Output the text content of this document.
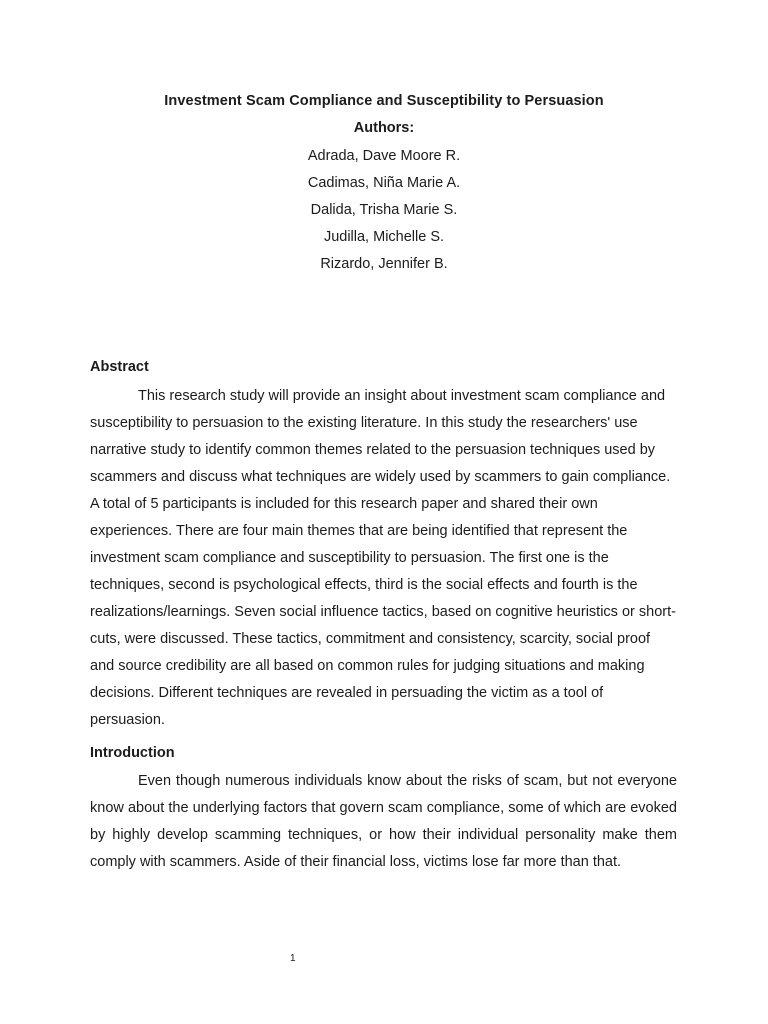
Investment Scam Compliance and Susceptibility to Persuasion
Authors:
Adrada, Dave Moore R.
Cadimas, Niña Marie A.
Dalida, Trisha Marie S.
Judilla, Michelle S.
Rizardo, Jennifer B.
Abstract

This research study will provide an insight about investment scam compliance and susceptibility to persuasion to the existing literature. In this study the researchers' use narrative study to identify common themes related to the persuasion techniques used by scammers and discuss what techniques are widely used by scammers to gain compliance. A total of 5 participants is included for this research paper and shared their own experiences. There are four main themes that are being identified that represent the investment scam compliance and susceptibility to persuasion. The first one is the techniques, second is psychological effects, third is the social effects and fourth is the realizations/learnings. Seven social influence tactics, based on cognitive heuristics or short-cuts, were discussed. These tactics, commitment and consistency, scarcity, social proof and source credibility are all based on common rules for judging situations and making decisions. Different techniques are revealed in persuading the victim as a tool of persuasion.

Introduction

Even though numerous individuals know about the risks of scam, but not everyone know about the underlying factors that govern scam compliance, some of which are evoked by highly develop scamming techniques, or how their individual personality make them comply with scammers. Aside of their financial loss, victims lose far more than that.

1
